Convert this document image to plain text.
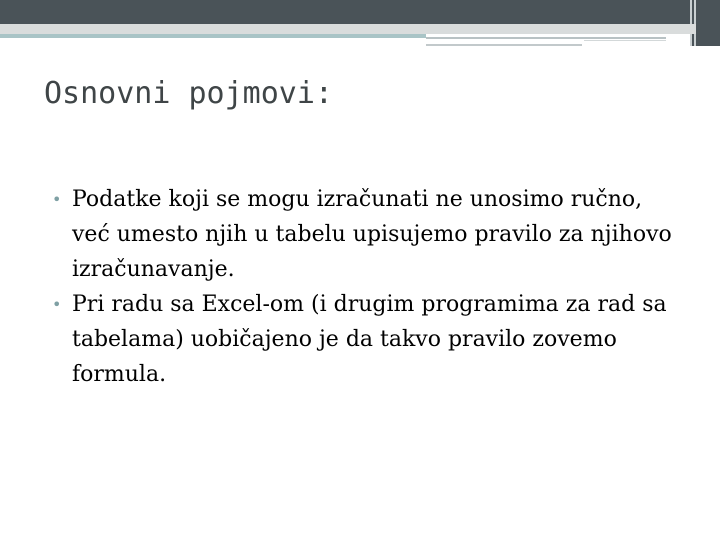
Osnovni pojmovi:
• Podatke koji se mogu izračunati ne unosimo ručno, već umesto njih u tabelu upisujemo pravilo za njihovo izračunavanje.
• Pri radu sa Excel-om (i drugim programima za rad sa tabelama) uobičajeno je da takvo pravilo zovemo formula.
